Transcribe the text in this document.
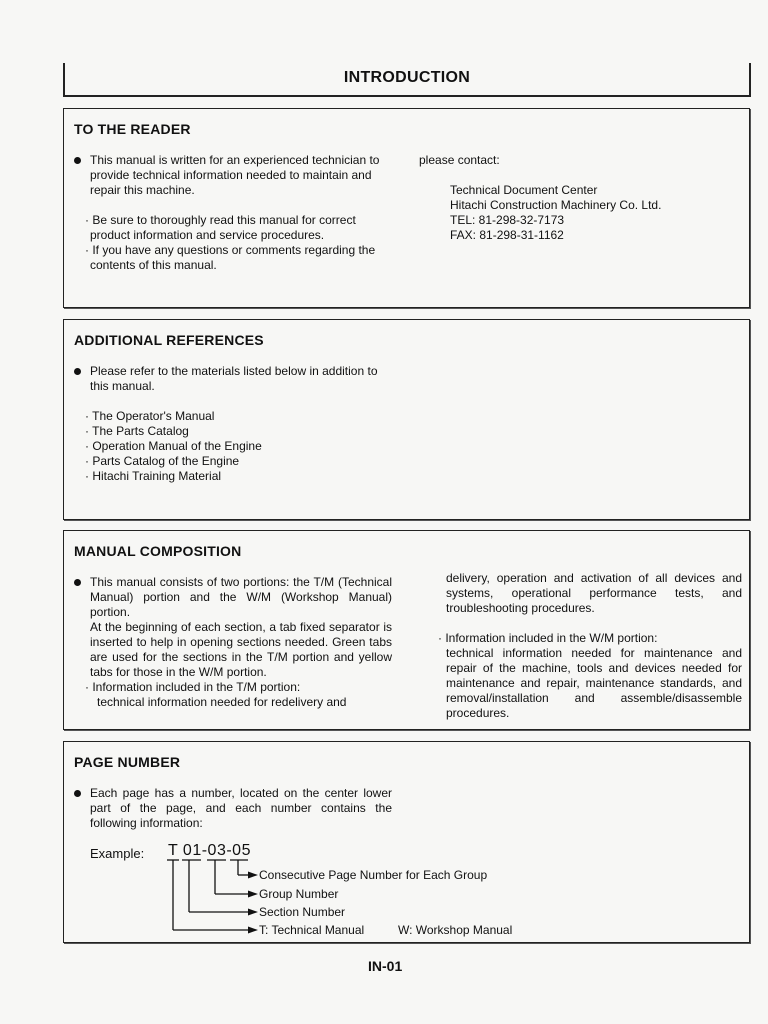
INTRODUCTION
TO THE READER

This manual is written for an experienced technician to provide technical information needed to maintain and repair this machine.

· Be sure to thoroughly read this manual for correct product information and service procedures.

· If you have any questions or comments regarding the contents of this manual.

please contact:

Technical Document Center

Hitachi Construction Machinery Co. Ltd.

TEL: 81-298-32-7173

FAX: 81-298-31-1162

ADDITIONAL REFERENCES

Please refer to the materials listed below in addition to this manual.

· The Operator's Manual

· The Parts Catalog

· Operation Manual of the Engine

· Parts Catalog of the Engine

· Hitachi Training Material

MANUAL COMPOSITION

This manual consists of two portions: the T/M (Technical Manual) portion and the W/M (Workshop Manual) portion.

At the beginning of each section, a tab fixed separator is inserted to help in opening sections needed. Green tabs are used for the sections in the T/M portion and yellow tabs for those in the W/M portion.

· Information included in the T/M portion:

technical information needed for redelivery and

delivery, operation and activation of all devices and systems, operational performance tests, and troubleshooting procedures.

· Information included in the W/M portion:

technical information needed for maintenance and repair of the machine, tools and devices needed for maintenance and repair, maintenance standards, and removal/installation and assemble/disassemble procedures.

PAGE NUMBER

Each page has a number, located on the center lower part of the page, and each number contains the following information:

Example: T 01-03-05
Consecutive Page Number for Each Group
Group Number
Section Number
T: Technical Manual	W: Workshop Manual
IN-01
